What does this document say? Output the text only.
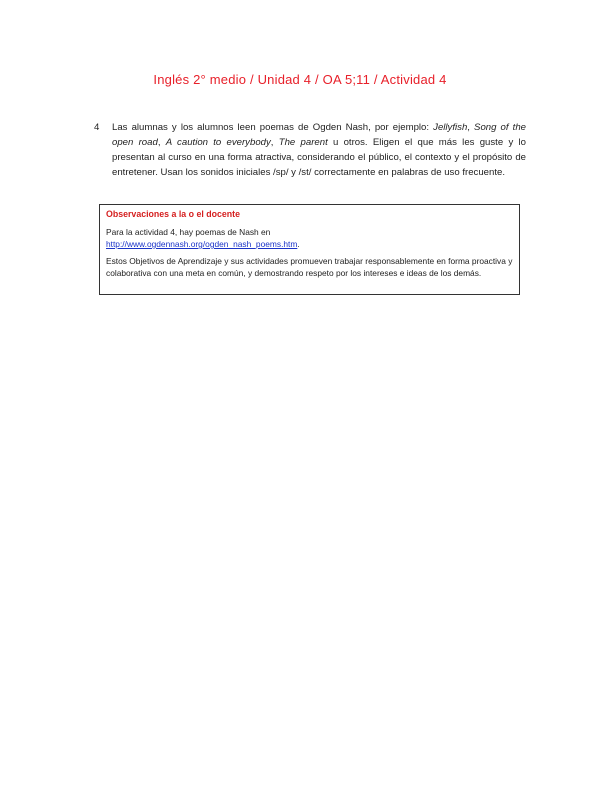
Inglés 2° medio / Unidad 4 / OA 5;11 / Actividad 4
4 Las alumnas y los alumnos leen poemas de Ogden Nash, por ejemplo: Jellyfish, Song of the open road, A caution to everybody, The parent u otros. Eligen el que más les guste y lo presentan al curso en una forma atractiva, considerando el público, el contexto y el propósito de entretener. Usan los sonidos iniciales /sp/ y /st/ correctamente en palabras de uso frecuente.
Observaciones a la o el docente

Para la actividad 4, hay poemas de Nash en
http://www.ogdennash.org/ogden_nash_poems.htm.

Estos Objetivos de Aprendizaje y sus actividades promueven trabajar responsablemente en forma proactiva y colaborativa con una meta en común, y demostrando respeto por los intereses e ideas de los demás.
